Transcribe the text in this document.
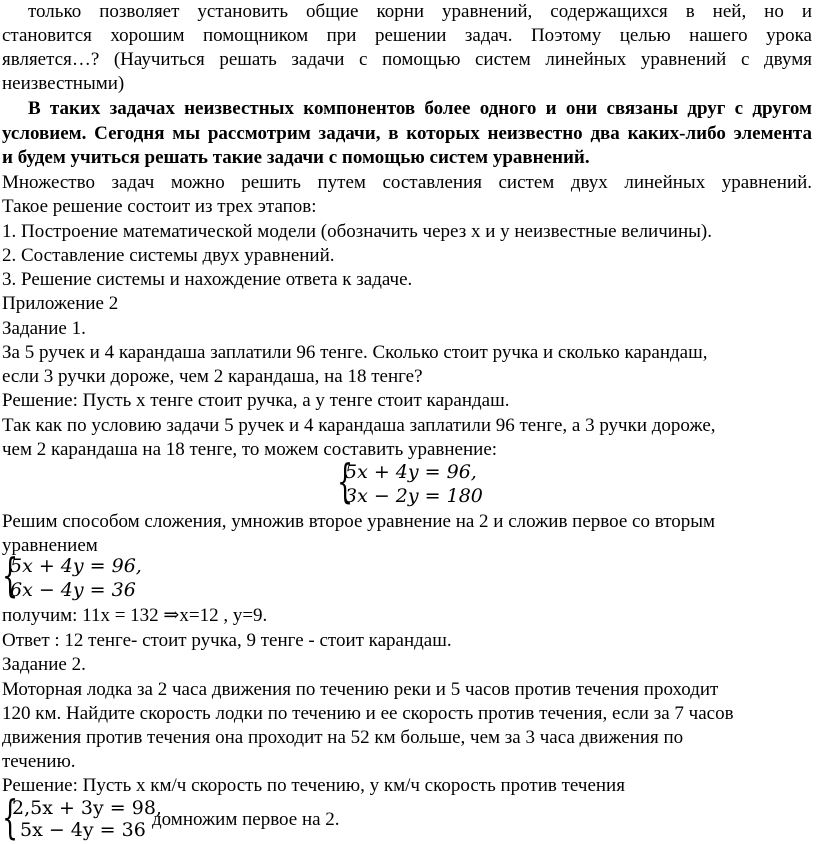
только позволяет установить общие корни уравнений, содержащихся в ней, но и
становится хорошим помощником при решении задач. Поэтому целью нашего урока
является…? (Научиться решать задачи с помощью систем линейных уравнений с двумя
неизвестными)
В таких задачах неизвестных компонентов более одного и они связаны друг с другом
условием. Сегодня мы рассмотрим задачи, в которых неизвестно два каких-либо элемента
и будем учиться решать такие задачи с помощью систем уравнений.
Множество задач можно решить путем составления систем двух линейных уравнений.
Такое решение состоит из трех этапов:
1. Построение математической модели (обозначить через х и у неизвестные величины).
2. Составление системы двух уравнений.
3. Решение системы и нахождение ответа к задаче.
Приложение 2
Задание 1.
За 5 ручек и 4 карандаша заплатили 96 тенге. Сколько стоит ручка и сколько карандаш,
если 3 ручки дороже, чем 2 карандаша, на 18 тенге?
Решение: Пусть х тенге стоит ручка, а у тенге стоит карандаш.
Так как по условию задачи 5 ручек и 4 карандаша заплатили 96 тенге, а 3 ручки дороже,
чем 2 карандаша на 18 тенге, то можем составить уравнение:
{
5𝑥 + 4𝑦 = 96,
3𝑥 − 2𝑦 = 180
Решим способом сложения, умножив второе уравнение на 2 и сложив первое со вторым
уравнением
{
5𝑥 + 4𝑦 = 96,
6𝑥 − 4𝑦 = 36
получим: 11х = 132 ⇒х=12 , у=9.
Ответ : 12 тенге- стоит ручка, 9 тенге - стоит карандаш.
Задание 2.
Моторная лодка за 2 часа движения по течению реки и 5 часов против течения проходит
120 км. Найдите скорость лодки по течению и ее скорость против течения, если за 7 часов
движения против течения она проходит на 52 км больше, чем за 3 часа движения по
течению.
Решение: Пусть х км/ч скорость по течению, у км/ч скорость против течения
{
2,5x + 3y = 98,
5x − 4y = 36 домножим первое на 2.
